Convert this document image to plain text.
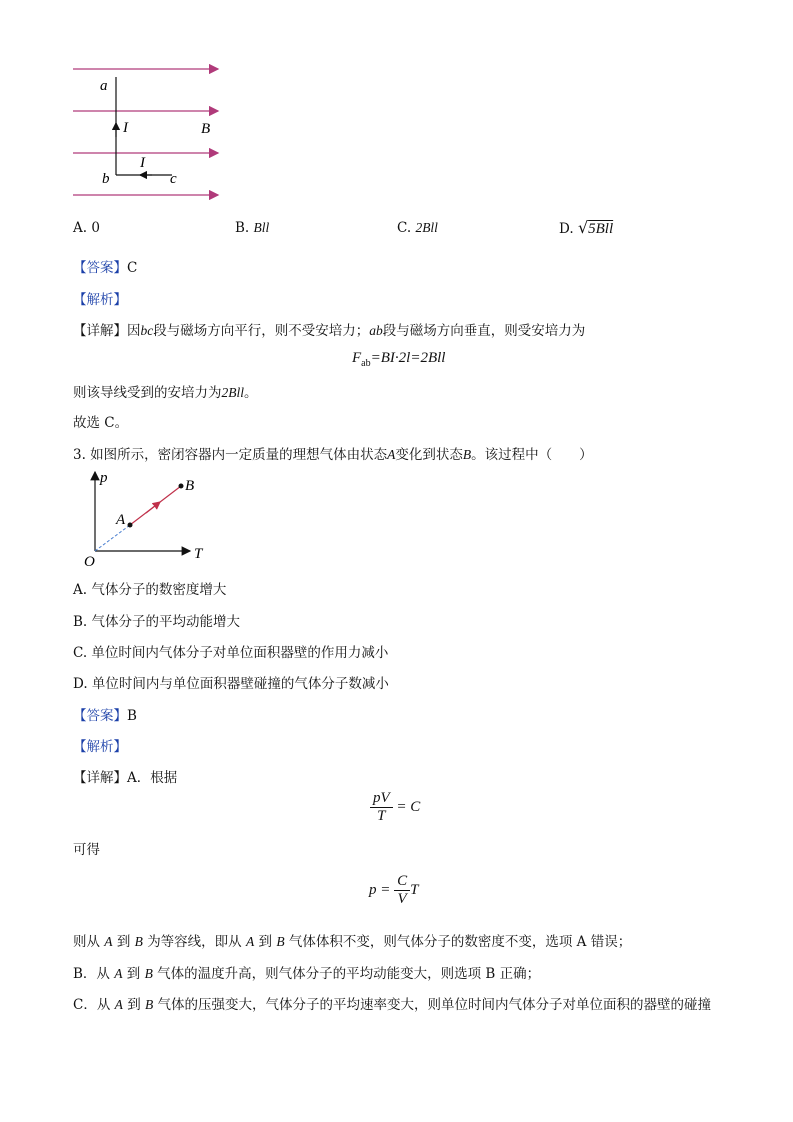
a
b	c
I
I
B
A. 0	B. Bll	C. 2Bll	D. √5Bll
【答案】C
【解析】
【详解】因bc段与磁场方向平行，则不受安培力；ab段与磁场方向垂直，则受安培力为
$F_{ab}=BI\cdot 2l=2Bll$
则该导线受到的安培力为2Bll。
故选 C。
3. 如图所示，密闭容器内一定质量的理想气体由状态A变化到状态B。该过程中（　　）
p
T
O
A
B
A. 气体分子的数密度增大
B. 气体分子的平均动能增大
C. 单位时间内气体分子对单位面积器壁的作用力减小
D. 单位时间内与单位面积器壁碰撞的气体分子数减小
【答案】B
【解析】
【详解】A．根据
$\frac{pV}{T} = C$
可得
$p = \frac{C}{V}$ T
则从 A 到 B 为等容线，即从 A 到 B 气体体积不变，则气体分子的数密度不变，选项 A 错误；
B．从 A 到 B 气体的温度升高，则气体分子的平均动能变大，则选项 B 正确；
C．从 A 到 B 气体的压强变大，气体分子的平均速率变大，则单位时间内气体分子对单位面积的器壁的碰撞
